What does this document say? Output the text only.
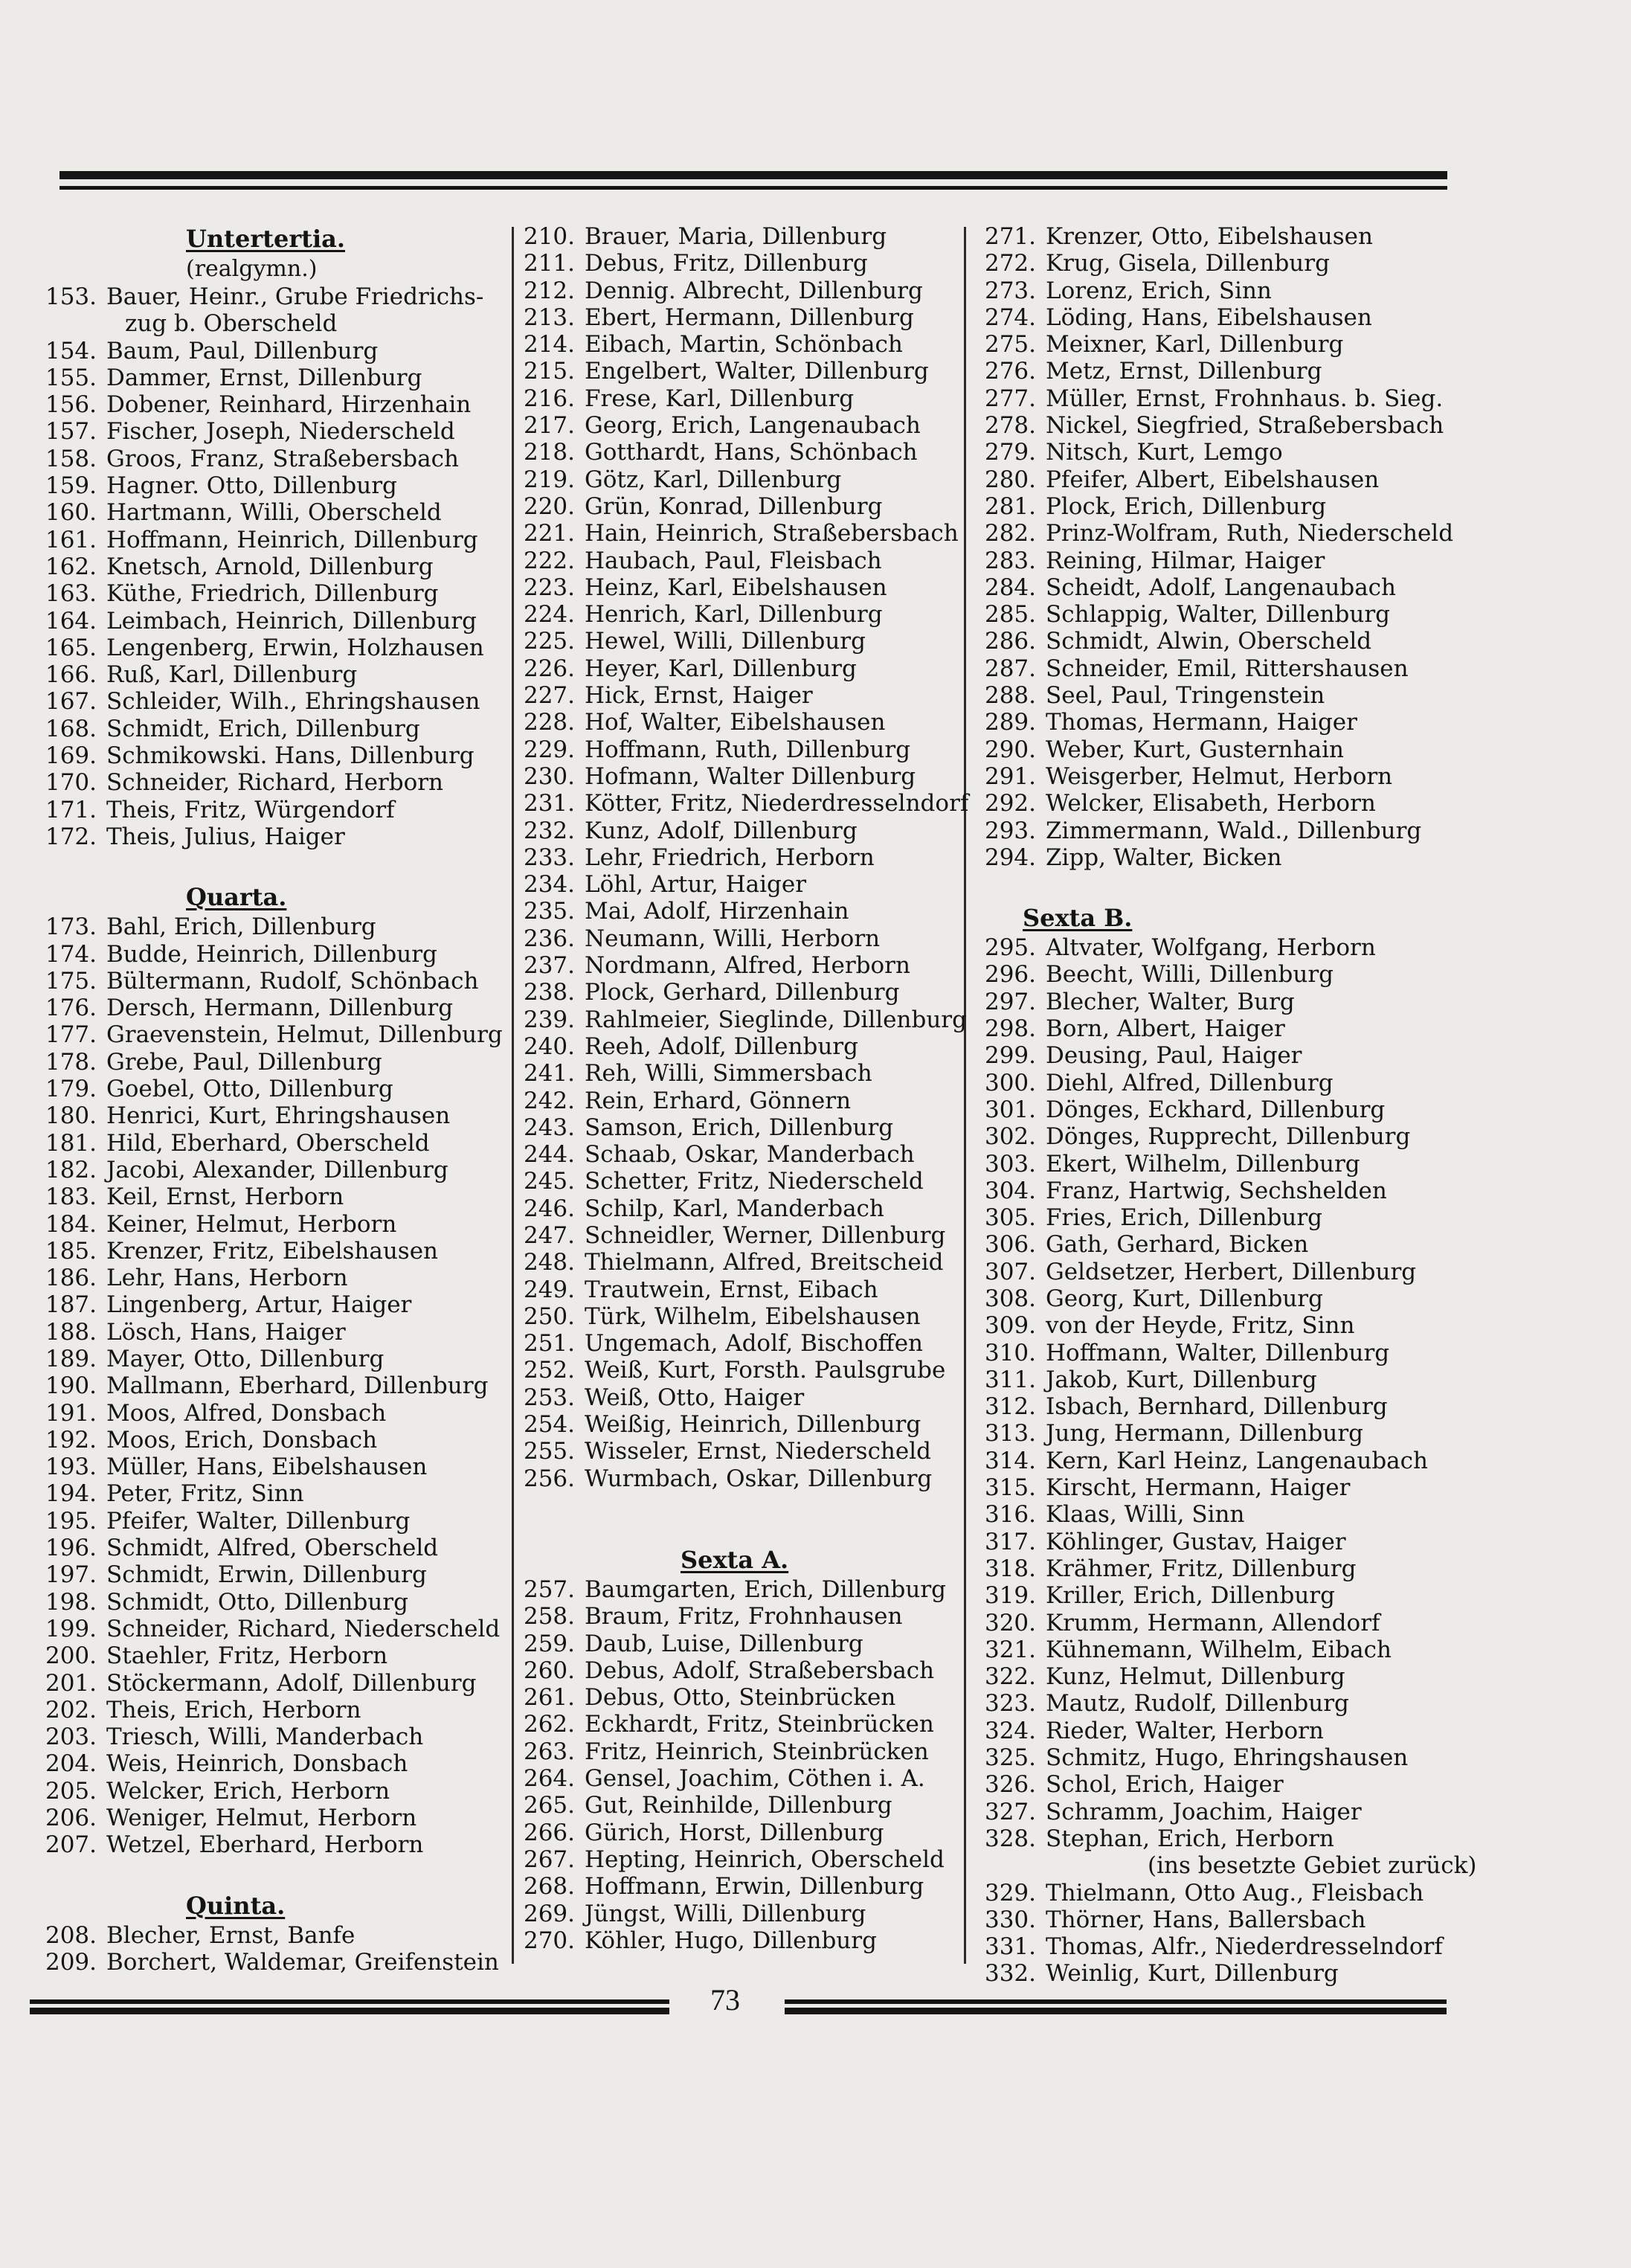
Untertertia.
(realgymn.)
153. Bauer, Heinr., Grube Friedrichs-
zug b. Oberscheld
154. Baum, Paul, Dillenburg
155. Dammer, Ernst, Dillenburg
156. Dobener, Reinhard, Hirzenhain
157. Fischer, Joseph, Niederscheld
158. Groos, Franz, Straßebersbach
159. Hagner. Otto, Dillenburg
160. Hartmann, Willi, Oberscheld
161. Hoffmann, Heinrich, Dillenburg
162. Knetsch, Arnold, Dillenburg
163. Küthe, Friedrich, Dillenburg
164. Leimbach, Heinrich, Dillenburg
165. Lengenberg, Erwin, Holzhausen
166. Ruß, Karl, Dillenburg
167. Schleider, Wilh., Ehringshausen
168. Schmidt, Erich, Dillenburg
169. Schmikowski. Hans, Dillenburg
170. Schneider, Richard, Herborn
171. Theis, Fritz, Würgendorf
172. Theis, Julius, Haiger
Quarta.
173. Bahl, Erich, Dillenburg
174. Budde, Heinrich, Dillenburg
175. Bültermann, Rudolf, Schönbach
176. Dersch, Hermann, Dillenburg
177. Graevenstein, Helmut, Dillenburg
178. Grebe, Paul, Dillenburg
179. Goebel, Otto, Dillenburg
180. Henrici, Kurt, Ehringshausen
181. Hild, Eberhard, Oberscheld
182. Jacobi, Alexander, Dillenburg
183. Keil, Ernst, Herborn
184. Keiner, Helmut, Herborn
185. Krenzer, Fritz, Eibelshausen
186. Lehr, Hans, Herborn
187. Lingenberg, Artur, Haiger
188. Lösch, Hans, Haiger
189. Mayer, Otto, Dillenburg
190. Mallmann, Eberhard, Dillenburg
191. Moos, Alfred, Donsbach
192. Moos, Erich, Donsbach
193. Müller, Hans, Eibelshausen
194. Peter, Fritz, Sinn
195. Pfeifer, Walter, Dillenburg
196. Schmidt, Alfred, Oberscheld
197. Schmidt, Erwin, Dillenburg
198. Schmidt, Otto, Dillenburg
199. Schneider, Richard, Niederscheld
200. Staehler, Fritz, Herborn
201. Stöckermann, Adolf, Dillenburg
202. Theis, Erich, Herborn
203. Triesch, Willi, Manderbach
204. Weis, Heinrich, Donsbach
205. Welcker, Erich, Herborn
206. Weniger, Helmut, Herborn
207. Wetzel, Eberhard, Herborn
Quinta.
208. Blecher, Ernst, Banfe
209. Borchert, Waldemar, Greifenstein
210. Brauer, Maria, Dillenburg
211. Debus, Fritz, Dillenburg
212. Dennig. Albrecht, Dillenburg
213. Ebert, Hermann, Dillenburg
214. Eibach, Martin, Schönbach
215. Engelbert, Walter, Dillenburg
216. Frese, Karl, Dillenburg
217. Georg, Erich, Langenaubach
218. Gotthardt, Hans, Schönbach
219. Götz, Karl, Dillenburg
220. Grün, Konrad, Dillenburg
221. Hain, Heinrich, Straßebersbach
222. Haubach, Paul, Fleisbach
223. Heinz, Karl, Eibelshausen
224. Henrich, Karl, Dillenburg
225. Hewel, Willi, Dillenburg
226. Heyer, Karl, Dillenburg
227. Hick, Ernst, Haiger
228. Hof, Walter, Eibelshausen
229. Hoffmann, Ruth, Dillenburg
230. Hofmann, Walter Dillenburg
231. Kötter, Fritz, Niederdresselndorf
232. Kunz, Adolf, Dillenburg
233. Lehr, Friedrich, Herborn
234. Löhl, Artur, Haiger
235. Mai, Adolf, Hirzenhain
236. Neumann, Willi, Herborn
237. Nordmann, Alfred, Herborn
238. Plock, Gerhard, Dillenburg
239. Rahlmeier, Sieglinde, Dillenburg
240. Reeh, Adolf, Dillenburg
241. Reh, Willi, Simmersbach
242. Rein, Erhard, Gönnern
243. Samson, Erich, Dillenburg
244. Schaab, Oskar, Manderbach
245. Schetter, Fritz, Niederscheld
246. Schilp, Karl, Manderbach
247. Schneidler, Werner, Dillenburg
248. Thielmann, Alfred, Breitscheid
249. Trautwein, Ernst, Eibach
250. Türk, Wilhelm, Eibelshausen
251. Ungemach, Adolf, Bischoffen
252. Weiß, Kurt, Forsth. Paulsgrube
253. Weiß, Otto, Haiger
254. Weißig, Heinrich, Dillenburg
255. Wisseler, Ernst, Niederscheld
256. Wurmbach, Oskar, Dillenburg
Sexta A.
257. Baumgarten, Erich, Dillenburg
258. Braum, Fritz, Frohnhausen
259. Daub, Luise, Dillenburg
260. Debus, Adolf, Straßebersbach
261. Debus, Otto, Steinbrücken
262. Eckhardt, Fritz, Steinbrücken
263. Fritz, Heinrich, Steinbrücken
264. Gensel, Joachim, Cöthen i. A.
265. Gut, Reinhilde, Dillenburg
266. Gürich, Horst, Dillenburg
267. Hepting, Heinrich, Oberscheld
268. Hoffmann, Erwin, Dillenburg
269. Jüngst, Willi, Dillenburg
270. Köhler, Hugo, Dillenburg
271. Krenzer, Otto, Eibelshausen
272. Krug, Gisela, Dillenburg
273. Lorenz, Erich, Sinn
274. Löding, Hans, Eibelshausen
275. Meixner, Karl, Dillenburg
276. Metz, Ernst, Dillenburg
277. Müller, Ernst, Frohnhaus. b. Sieg.
278. Nickel, Siegfried, Straßebersbach
279. Nitsch, Kurt, Lemgo
280. Pfeifer, Albert, Eibelshausen
281. Plock, Erich, Dillenburg
282. Prinz-Wolfram, Ruth, Niederscheld
283. Reining, Hilmar, Haiger
284. Scheidt, Adolf, Langenaubach
285. Schlappig, Walter, Dillenburg
286. Schmidt, Alwin, Oberscheld
287. Schneider, Emil, Rittershausen
288. Seel, Paul, Tringenstein
289. Thomas, Hermann, Haiger
290. Weber, Kurt, Gusternhain
291. Weisgerber, Helmut, Herborn
292. Welcker, Elisabeth, Herborn
293. Zimmermann, Wald., Dillenburg
294. Zipp, Walter, Bicken
Sexta B.
295. Altvater, Wolfgang, Herborn
296. Beecht, Willi, Dillenburg
297. Blecher, Walter, Burg
298. Born, Albert, Haiger
299. Deusing, Paul, Haiger
300. Diehl, Alfred, Dillenburg
301. Dönges, Eckhard, Dillenburg
302. Dönges, Rupprecht, Dillenburg
303. Ekert, Wilhelm, Dillenburg
304. Franz, Hartwig, Sechshelden
305. Fries, Erich, Dillenburg
306. Gath, Gerhard, Bicken
307. Geldsetzer, Herbert, Dillenburg
308. Georg, Kurt, Dillenburg
309. von der Heyde, Fritz, Sinn
310. Hoffmann, Walter, Dillenburg
311. Jakob, Kurt, Dillenburg
312. Isbach, Bernhard, Dillenburg
313. Jung, Hermann, Dillenburg
314. Kern, Karl Heinz, Langenaubach
315. Kirscht, Hermann, Haiger
316. Klaas, Willi, Sinn
317. Köhlinger, Gustav, Haiger
318. Krähmer, Fritz, Dillenburg
319. Kriller, Erich, Dillenburg
320. Krumm, Hermann, Allendorf
321. Kühnemann, Wilhelm, Eibach
322. Kunz, Helmut, Dillenburg
323. Mautz, Rudolf, Dillenburg
324. Rieder, Walter, Herborn
325. Schmitz, Hugo, Ehringshausen
326. Schol, Erich, Haiger
327. Schramm, Joachim, Haiger
328. Stephan, Erich, Herborn
(ins besetzte Gebiet zurück)
329. Thielmann, Otto Aug., Fleisbach
330. Thörner, Hans, Ballersbach
331. Thomas, Alfr., Niederdresselndorf
332. Weinlig, Kurt, Dillenburg
73
